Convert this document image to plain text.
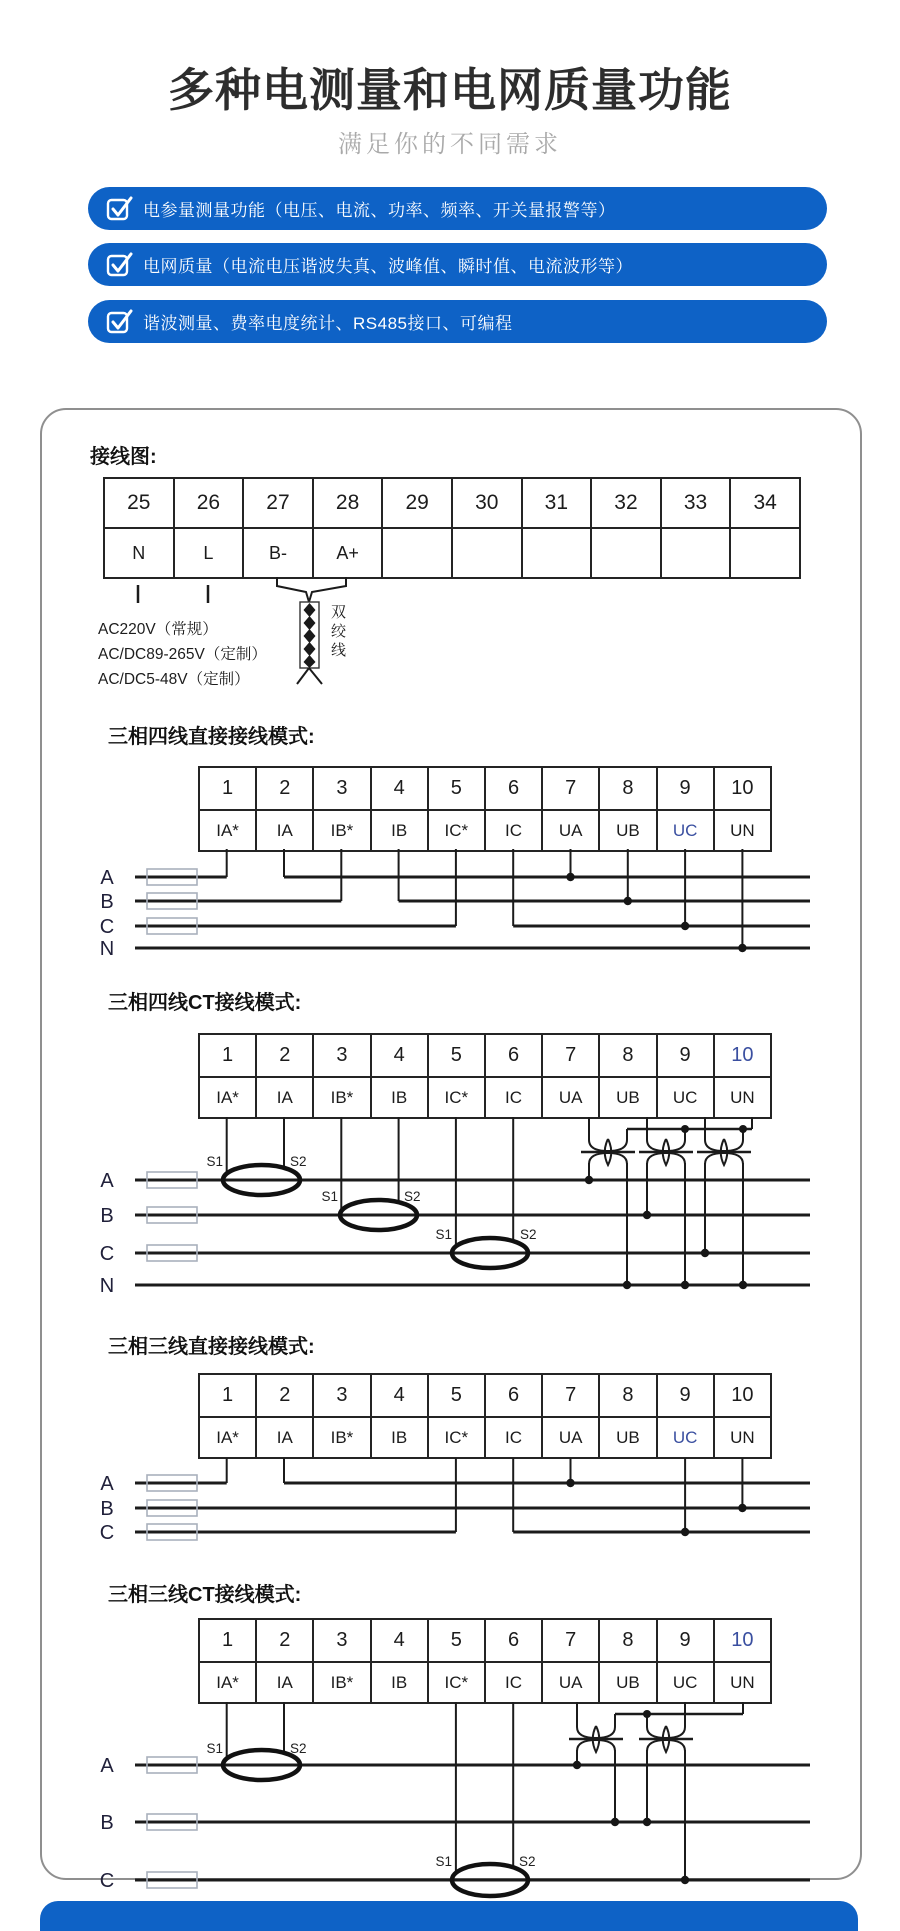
多种电测量和电网质量功能
满足你的不同需求
电参量测量功能（电压、电流、功率、频率、开关量报警等）
电网质量（电流电压谐波失真、波峰值、瞬时值、电流波形等）
谐波测量、费率电度统计、RS485接口、可编程
接线图:
25	26	27	28	29	30	31	32	33	34
N	L	B-	A+						
AC220V（常规）
AC/DC89-265V（定制）
AC/DC5-48V（定制）
双绞线
三相四线直接接线模式:
1	2	3	4	5	6	7	8	9	10
IA*	IA	IB*	IB	IC*	IC	UA	UB	UC	UN
三相四线CT接线模式:
1	2	3	4	5	6	7	8	9	10
IA*	IA	IB*	IB	IC*	IC	UA	UB	UC	UN
三相三线直接接线模式:
1	2	3	4	5	6	7	8	9	10
IA*	IA	IB*	IB	IC*	IC	UA	UB	UC	UN
三相三线CT接线模式:
1	2	3	4	5	6	7	8	9	10
IA*	IA	IB*	IB	IC*	IC	UA	UB	UC	UN
A
B
C
N
S1	S2
S1	S2
S1	S2
A
B
C
N
A
B
C
S1	S2
S1	S2
A
B
C
